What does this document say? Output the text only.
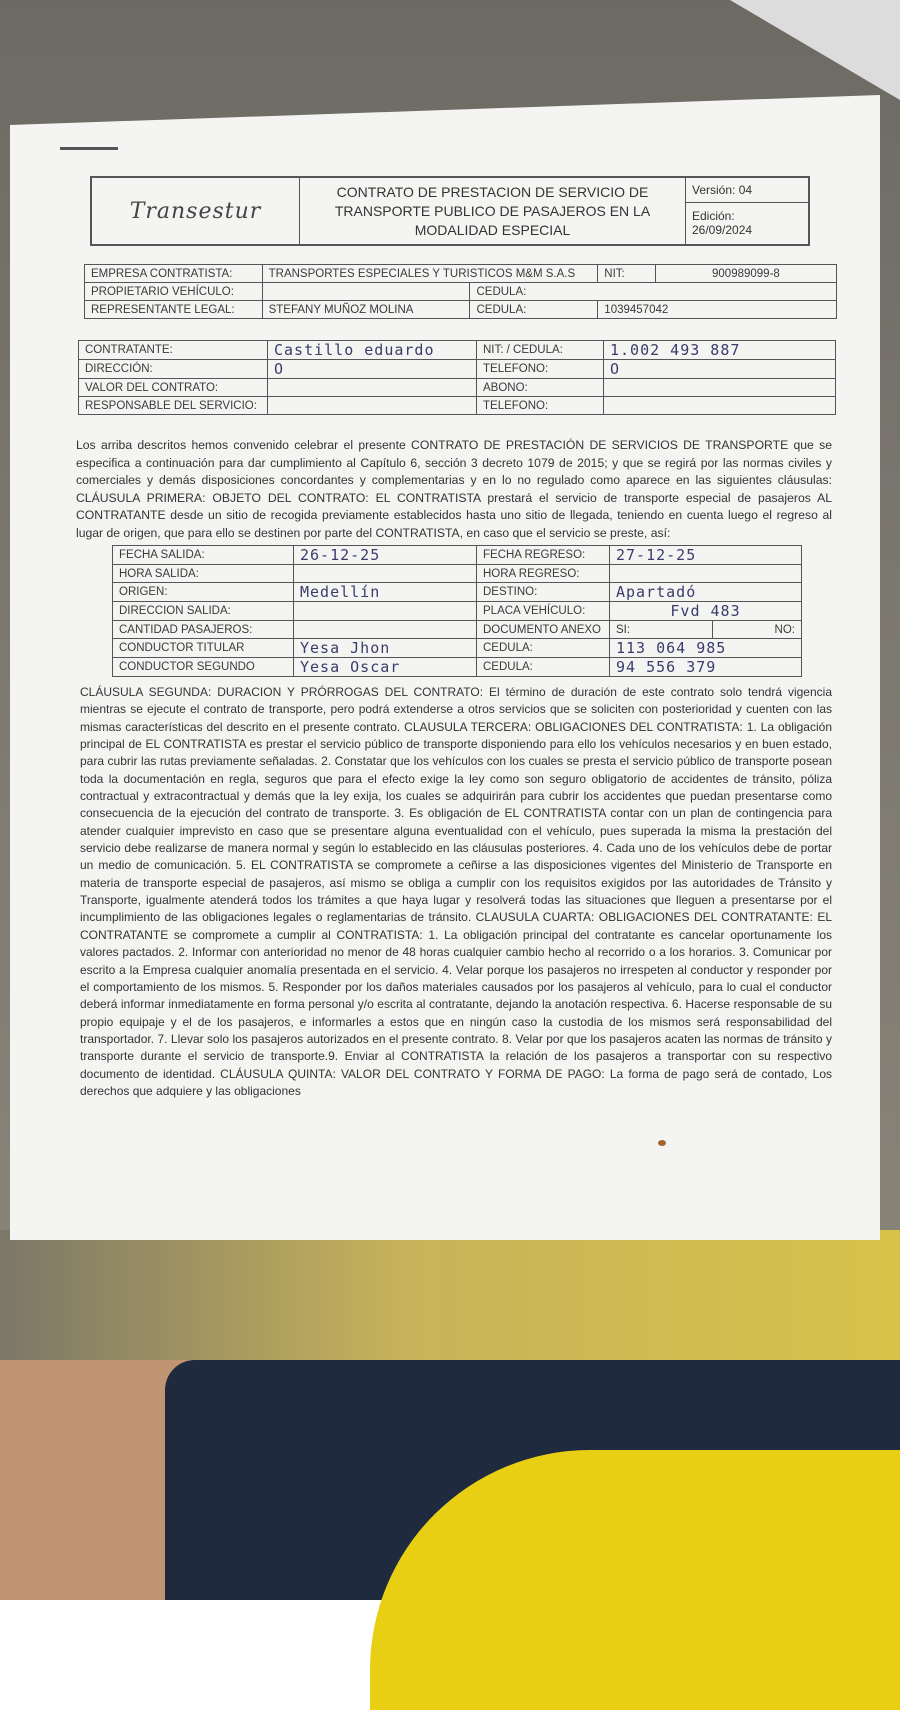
Transestur	
CONTRATO DE PRESTACION DE SERVICIO DE
TRANSPORTE PUBLICO DE PASAJEROS EN LA
MODALIDAD ESPECIAL
	Versión: 04

Edición:
26/09/2024
EMPRESA CONTRATISTA:	TRANSPORTES ESPECIALES Y TURISTICOS M&M S.A.S		NIT:	900989099-8
PROPIETARIO VEHÍCULO:		CEDULA:		
REPRESENTANTE LEGAL:	STEFANY MUÑOZ MOLINA	CEDULA:	1039457042	
CONTRATANTE:	Castillo eduardo	NIT: / CEDULA:	1.002 493 887
DIRECCIÓN:	O	TELEFONO:	O
VALOR DEL CONTRATO:		ABONO:	
RESPONSABLE DEL SERVICIO:		TELEFONO:	
Los arriba descritos hemos convenido celebrar el presente CONTRATO DE PRESTACIÓN DE SERVICIOS DE TRANSPORTE que se especifica a continuación para dar cumplimiento al Capítulo 6, sección 3 decreto 1079 de 2015; y que se regirá por las normas civiles y comerciales y demás disposiciones concordantes y complementarias y en lo no regulado como aparece en las siguientes cláusulas: CLÁUSULA PRIMERA: OBJETO DEL CONTRATO: EL CONTRATISTA prestará el servicio de transporte especial de pasajeros AL CONTRATANTE desde un sitio de recogida previamente establecidos hasta uno sitio de llegada, teniendo en cuenta luego el regreso al lugar de origen, que para ello se destinen por parte del CONTRATISTA, en caso que el servicio se preste, así:
FECHA SALIDA:	26-12-25	FECHA REGRESO:	27-12-25	
HORA SALIDA:		HORA REGRESO:		
ORIGEN:	Medellín	DESTINO:	Apartadó	
DIRECCION SALIDA:		PLACA VEHÍCULO:	Fvd 483	
CANTIDAD PASAJEROS:		DOCUMENTO ANEXO	SI:	NO:
CONDUCTOR TITULAR	Yesa Jhon	CEDULA:	113 064 985	
CONDUCTOR SEGUNDO	Yesa Oscar	CEDULA:	94 556 379	
CLÁUSULA SEGUNDA: DURACION Y PRÓRROGAS DEL CONTRATO: El término de duración de este contrato solo tendrá vigencia mientras se ejecute el contrato de transporte, pero podrá extenderse a otros servicios que se soliciten con posterioridad y cuenten con las mismas características del descrito en el presente contrato. CLAUSULA TERCERA: OBLIGACIONES DEL CONTRATISTA: 1. La obligación principal de EL CONTRATISTA es prestar el servicio público de transporte disponiendo para ello los vehículos necesarios y en buen estado, para cubrir las rutas previamente señaladas. 2. Constatar que los vehículos con los cuales se presta el servicio público de transporte posean toda la documentación en regla, seguros que para el efecto exige la ley como son seguro obligatorio de accidentes de tránsito, póliza contractual y extracontractual y demás que la ley exija, los cuales se adquirirán para cubrir los accidentes que puedan presentarse como consecuencia de la ejecución del contrato de transporte. 3. Es obligación de EL CONTRATISTA contar con un plan de contingencia para atender cualquier imprevisto en caso que se presentare alguna eventualidad con el vehículo, pues superada la misma la prestación del servicio debe realizarse de manera normal y según lo establecido en las cláusulas posteriores. 4. Cada uno de los vehículos debe de portar un medio de comunicación. 5. EL CONTRATISTA se compromete a ceñirse a las disposiciones vigentes del Ministerio de Transporte en materia de transporte especial de pasajeros, así mismo se obliga a cumplir con los requisitos exigidos por las autoridades de Tránsito y Transporte, igualmente atenderá todos los trámites a que haya lugar y resolverá todas las situaciones que lleguen a presentarse por el incumplimiento de las obligaciones legales o reglamentarias de tránsito. CLAUSULA CUARTA: OBLIGACIONES DEL CONTRATANTE: EL CONTRATANTE se compromete a cumplir al CONTRATISTA: 1. La obligación principal del contratante es cancelar oportunamente los valores pactados. 2. Informar con anterioridad no menor de 48 horas cualquier cambio hecho al recorrido o a los horarios. 3. Comunicar por escrito a la Empresa cualquier anomalía presentada en el servicio. 4. Velar porque los pasajeros no irrespeten al conductor y responder por el comportamiento de los mismos. 5. Responder por los daños materiales causados por los pasajeros al vehículo, para lo cual el conductor deberá informar inmediatamente en forma personal y/o escrita al contratante, dejando la anotación respectiva. 6. Hacerse responsable de su propio equipaje y el de los pasajeros, e informarles a estos que en ningún caso la custodia de los mismos será responsabilidad del transportador. 7. Llevar solo los pasajeros autorizados en el presente contrato. 8. Velar por que los pasajeros acaten las normas de tránsito y transporte durante el servicio de transporte.9. Enviar al CONTRATISTA la relación de los pasajeros a transportar con su respectivo documento de identidad. CLÁUSULA QUINTA: VALOR DEL CONTRATO Y FORMA DE PAGO: La forma de pago será de contado, Los derechos que adquiere y las obligaciones
